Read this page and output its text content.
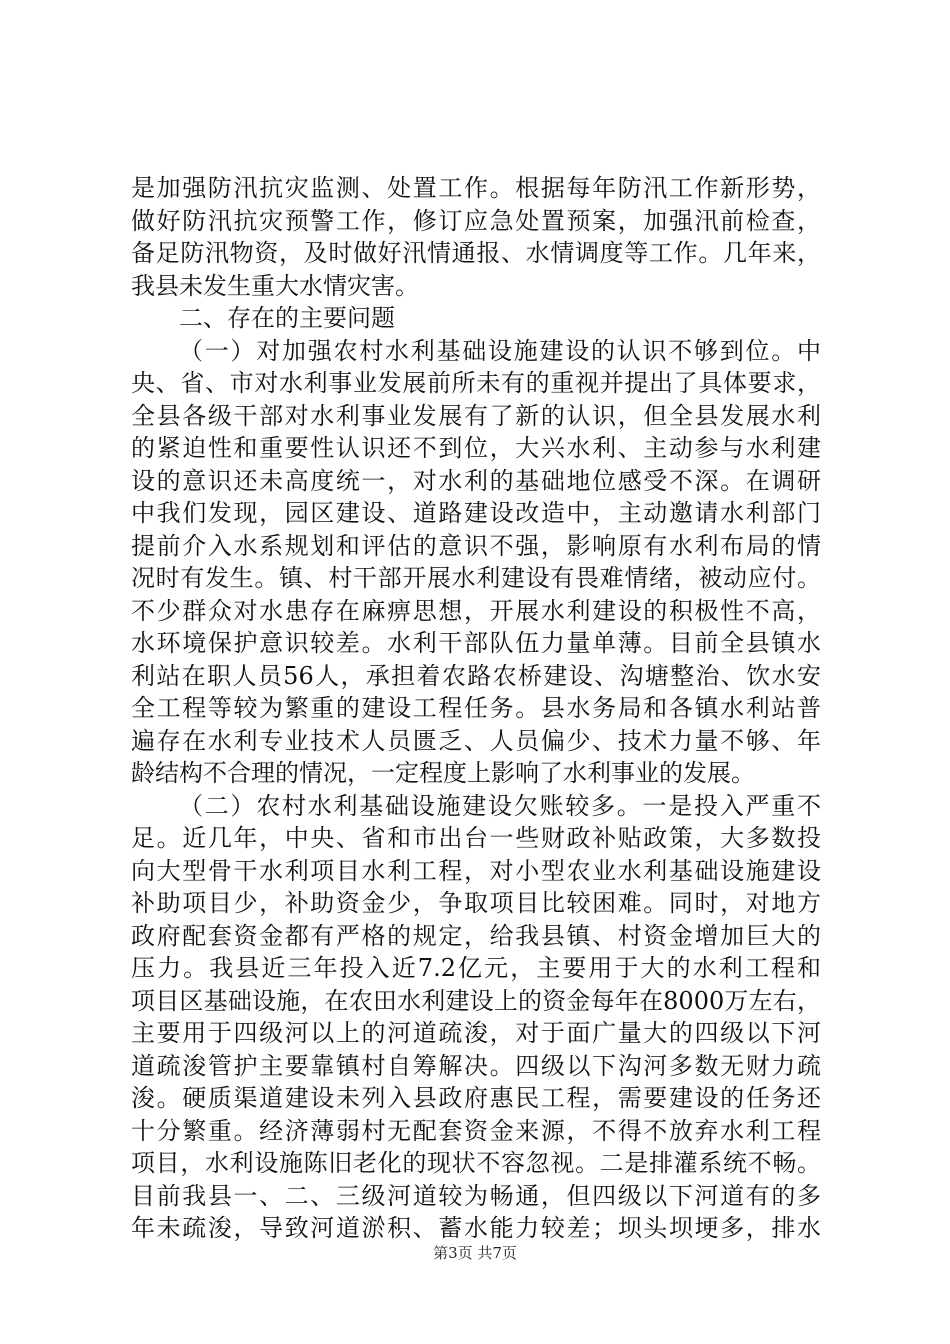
是加强防汛抗灾监测、处置工作。根据每年防汛工作新形势，
做好防汛抗灾预警工作，修订应急处置预案，加强汛前检查，
备足防汛物资，及时做好汛情通报、水情调度等工作。几年来，
我县未发生重大水情灾害。
二、存在的主要问题
（一）对加强农村水利基础设施建设的认识不够到位。中
央、省、市对水利事业发展前所未有的重视并提出了具体要求，
全县各级干部对水利事业发展有了新的认识，但全县发展水利
的紧迫性和重要性认识还不到位，大兴水利、主动参与水利建
设的意识还未高度统一，对水利的基础地位感受不深。在调研
中我们发现，园区建设、道路建设改造中，主动邀请水利部门
提前介入水系规划和评估的意识不强，影响原有水利布局的情
况时有发生。镇、村干部开展水利建设有畏难情绪，被动应付。
不少群众对水患存在麻痹思想，开展水利建设的积极性不高，
水环境保护意识较差。水利干部队伍力量单薄。目前全县镇水
利站在职人员56人，承担着农路农桥建设、沟塘整治、饮水安
全工程等较为繁重的建设工程任务。县水务局和各镇水利站普
遍存在水利专业技术人员匮乏、人员偏少、技术力量不够、年
龄结构不合理的情况，一定程度上影响了水利事业的发展。
（二）农村水利基础设施建设欠账较多。一是投入严重不
足。近几年，中央、省和市出台一些财政补贴政策，大多数投
向大型骨干水利项目水利工程，对小型农业水利基础设施建设
补助项目少，补助资金少，争取项目比较困难。同时，对地方
政府配套资金都有严格的规定，给我县镇、村资金增加巨大的
压力。我县近三年投入近7.2亿元，主要用于大的水利工程和
项目区基础设施，在农田水利建设上的资金每年在8000万左右，
主要用于四级河以上的河道疏浚，对于面广量大的四级以下河
道疏浚管护主要靠镇村自筹解决。四级以下沟河多数无财力疏
浚。硬质渠道建设未列入县政府惠民工程，需要建设的任务还
十分繁重。经济薄弱村无配套资金来源，不得不放弃水利工程
项目，水利设施陈旧老化的现状不容忽视。二是排灌系统不畅。
目前我县一、二、三级河道较为畅通，但四级以下河道有的多
年未疏浚，导致河道淤积、蓄水能力较差；坝头坝埂多，排水
第3页 共7页
